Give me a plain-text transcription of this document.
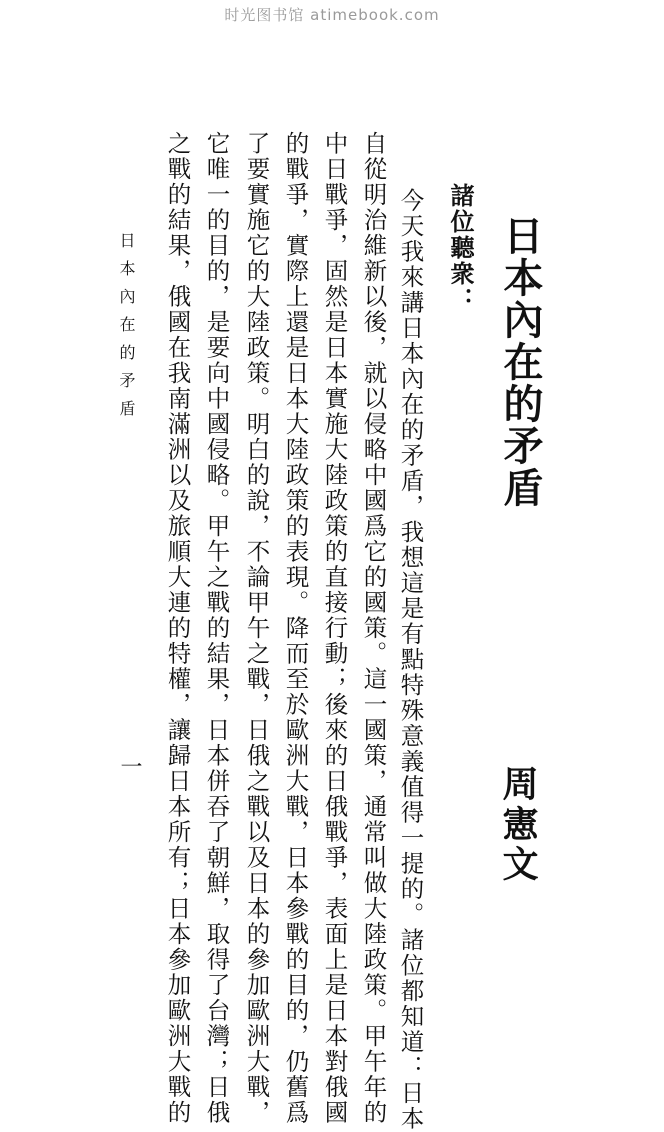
时光图书馆 atimebook.com
日本內在的矛盾
周憲文
諸位聽衆：
今天我來講日本內在的矛盾，我想這是有點特殊意義值得一提的。諸位都知道：日本
自從明治維新以後，就以侵略中國爲它的國策。這一國策，通常叫做大陸政策。甲午年的
中日戰爭，固然是日本實施大陸政策的直接行動；後來的日俄戰爭，表面上是日本對俄國
的戰爭，實際上還是日本大陸政策的表現。降而至於歐洲大戰，日本參戰的目的，仍舊爲
了要實施它的大陸政策。明白的說，不論甲午之戰，日俄之戰以及日本的參加歐洲大戰，
它唯一的目的，是要向中國侵略。甲午之戰的結果，日本併吞了朝鮮，取得了台灣；日俄
之戰的結果，俄國在我南滿洲以及旅順大連的特權，讓歸日本所有；日本參加歐洲大戰的
日本內在的矛盾
一
